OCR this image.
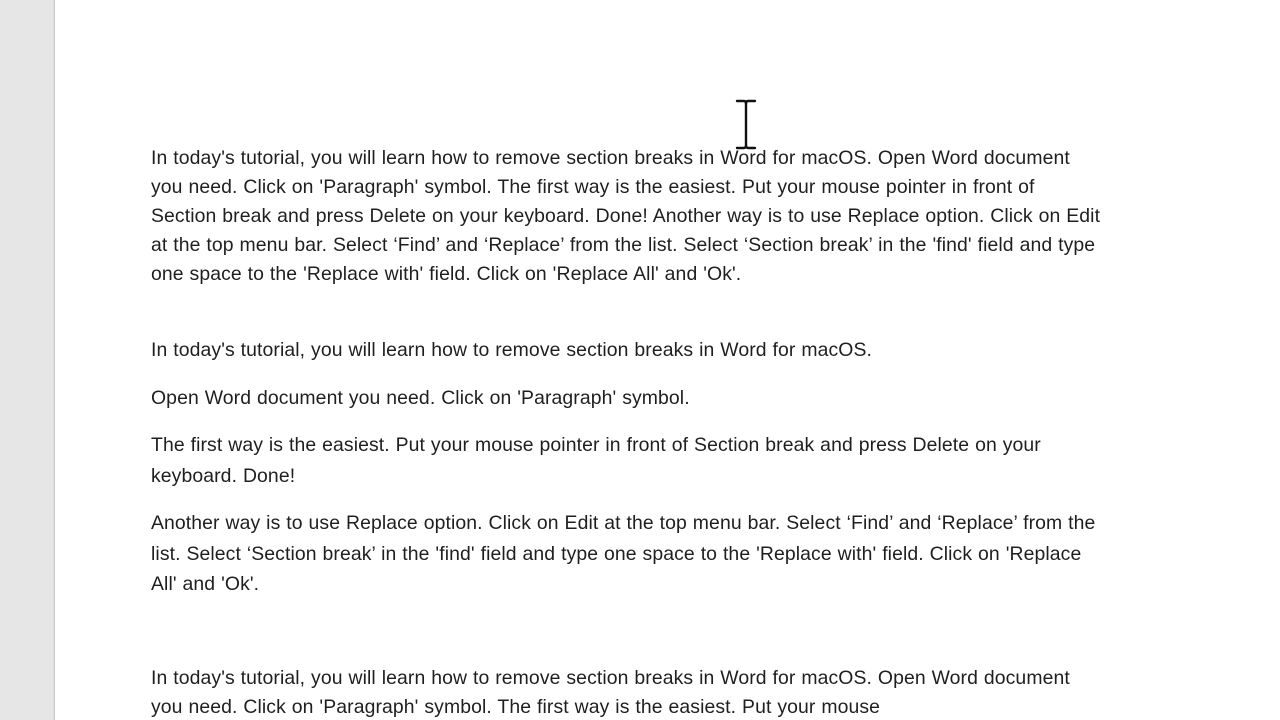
In today's tutorial, you will learn how to remove section breaks in Word for macOS. Open Word document you need. Click on 'Paragraph' symbol. The first way is the easiest. Put your mouse pointer in front of Section break and press Delete on your keyboard. Done! Another way is to use Replace option. Click on Edit at the top menu bar. Select ‘Find’ and ‘Replace’ from the list. Select ‘Section break’ in the 'find' field and type one space to the 'Replace with' field. Click on 'Replace All' and 'Ok'.

In today's tutorial, you will learn how to remove section breaks in Word for macOS.

Open Word document you need. Click on 'Paragraph' symbol.

The first way is the easiest. Put your mouse pointer in front of Section break and press Delete on your keyboard. Done!

Another way is to use Replace option. Click on Edit at the top menu bar. Select ‘Find’ and ‘Replace’ from the list. Select ‘Section break’ in the 'find' field and type one space to the 'Replace with' field. Click on 'Replace All' and 'Ok'.

In today's tutorial, you will learn how to remove section breaks in Word for macOS. Open Word document you need. Click on 'Paragraph' symbol. The first way is the easiest. Put your mouse
